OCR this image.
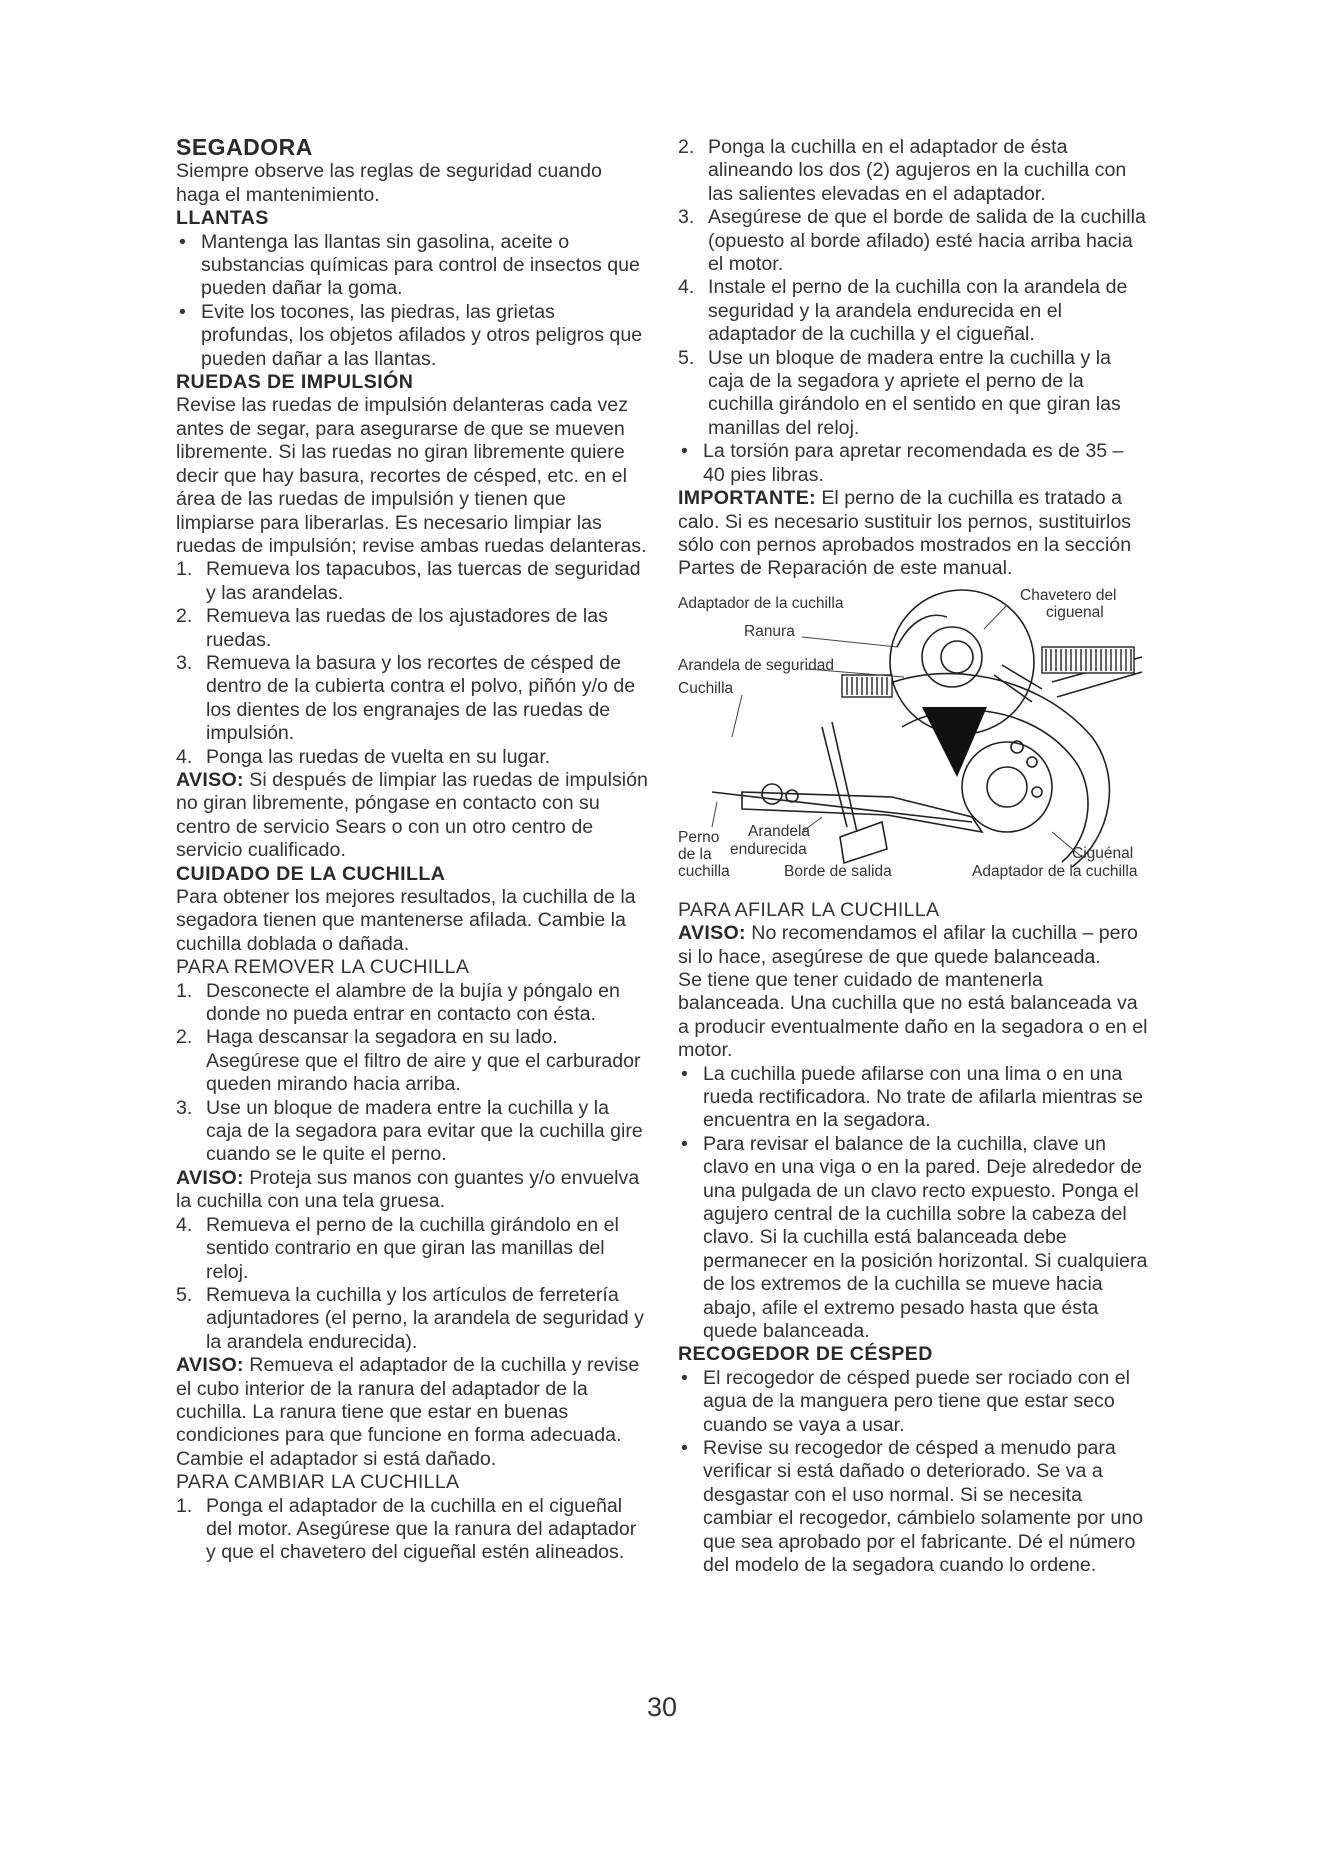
SEGADORA

Siempre observe las reglas de seguridad cuando haga el mantenimiento.

LLANTAS
• Mantenga las llantas sin gasolina, aceite o substancias químicas para control de insectos que pueden dañar la goma.
• Evite los tocones, las piedras, las grietas profundas, los objetos afilados y otros peligros que pueden dañar a las llantas.
RUEDAS DE IMPULSIÓN

Revise las ruedas de impulsión delanteras cada vez antes de segar, para asegurarse de que se mueven libremente. Si las ruedas no giran libremente quiere decir que hay basura, recortes de césped, etc. en el área de las ruedas de impulsión y tienen que limpiarse para liberarlas. Es necesario limpiar las ruedas de impulsión; revise ambas ruedas delanteras.

1. Remueva los tapacubos, las tuercas de seguridad y las arandelas.
2. Remueva las ruedas de los ajustadores de las ruedas.
3. Remueva la basura y los recortes de césped de dentro de la cubierta contra el polvo, piñón y/o de los dientes de los engranajes de las ruedas de impulsión.
4. Ponga las ruedas de vuelta en su lugar.

AVISO: Si después de limpiar las ruedas de impulsión no giran libremente, póngase en contacto con su centro de servicio Sears o con un otro centro de servicio cualificado.

CUIDADO DE LA CUCHILLA

Para obtener los mejores resultados, la cuchilla de la segadora tienen que mantenerse afilada. Cambie la cuchilla doblada o dañada.

PARA REMOVER LA CUCHILLA
1. Desconecte el alambre de la bujía y póngalo en donde no pueda entrar en contacto con ésta.
2. Haga descansar la segadora en su lado. Asegúrese que el filtro de aire y que el carburador queden mirando hacia arriba.
3. Use un bloque de madera entre la cuchilla y la caja de la segadora para evitar que la cuchilla gire cuando se le quite el perno.

AVISO: Proteja sus manos con guantes y/o envuelva la cuchilla con una tela gruesa.

4. Remueva el perno de la cuchilla girándolo en el sentido contrario en que giran las manillas del reloj.
5. Remueva la cuchilla y los artículos de ferretería adjuntadores (el perno, la arandela de seguridad y la arandela endurecida).

AVISO: Remueva el adaptador de la cuchilla y revise el cubo interior de la ranura del adaptador de la cuchilla. La ranura tiene que estar en buenas condiciones para que funcione en forma adecuada. Cambie el adaptador si está dañado.

PARA CAMBIAR LA CUCHILLA
1. Ponga el adaptador de la cuchilla en el cigueñal del motor. Asegúrese que la ranura del adaptador y que el chavetero del cigueñal estén alineados.
2. Ponga la cuchilla en el adaptador de ésta alineando los dos (2) agujeros en la cuchilla con las salientes elevadas en el adaptador.
3. Asegúrese de que el borde de salida de la cuchilla (opuesto al borde afilado) esté hacia arriba hacia el motor.
4. Instale el perno de la cuchilla con la arandela de seguridad y la arandela endurecida en el adaptador de la cuchilla y el cigueñal.
5. Use un bloque de madera entre la cuchilla y la caja de la segadora y apriete el perno de la cuchilla girándolo en el sentido en que giran las manillas del reloj.
• La torsión para apretar recomendada es de 35 – 40 pies libras.

IMPORTANTE: El perno de la cuchilla es tratado a calo. Si es necesario sustituir los pernos, sustituirlos sólo con pernos aprobados mostrados en la sección Partes de Reparación de este manual.

Adaptador de la cuchilla	Chavetero del
ciguenal
Ranura
Arandela de seguridad
Cuchilla
Perno
de la
cuchilla
Arandela
endurecida	Ciguénal
Borde de salida	Adaptador de la cuchilla
PARA AFILAR LA CUCHILLA

AVISO: No recomendamos el afilar la cuchilla – pero si lo hace, asegúrese de que quede balanceada.

Se tiene que tener cuidado de mantenerla balanceada. Una cuchilla que no está balanceada va a producir eventualmente daño en la segadora o en el motor.

• La cuchilla puede afilarse con una lima o en una rueda rectificadora. No trate de afilarla mientras se encuentra en la segadora.
• Para revisar el balance de la cuchilla, clave un clavo en una viga o en la pared. Deje alrededor de una pulgada de un clavo recto expuesto. Ponga el agujero central de la cuchilla sobre la cabeza del clavo. Si la cuchilla está balanceada debe permanecer en la posición horizontal. Si cualquiera de los extremos de la cuchilla se mueve hacia abajo, afile el extremo pesado hasta que ésta quede balanceada.
RECOGEDOR DE CÉSPED
• El recogedor de césped puede ser rociado con el agua de la manguera pero tiene que estar seco cuando se vaya a usar.
• Revise su recogedor de césped a menudo para verificar si está dañado o deteriorado. Se va a desgastar con el uso normal. Si se necesita cambiar el recogedor, cámbielo solamente por uno que sea aprobado por el fabricante. Dé el número del modelo de la segadora cuando lo ordene.
30
